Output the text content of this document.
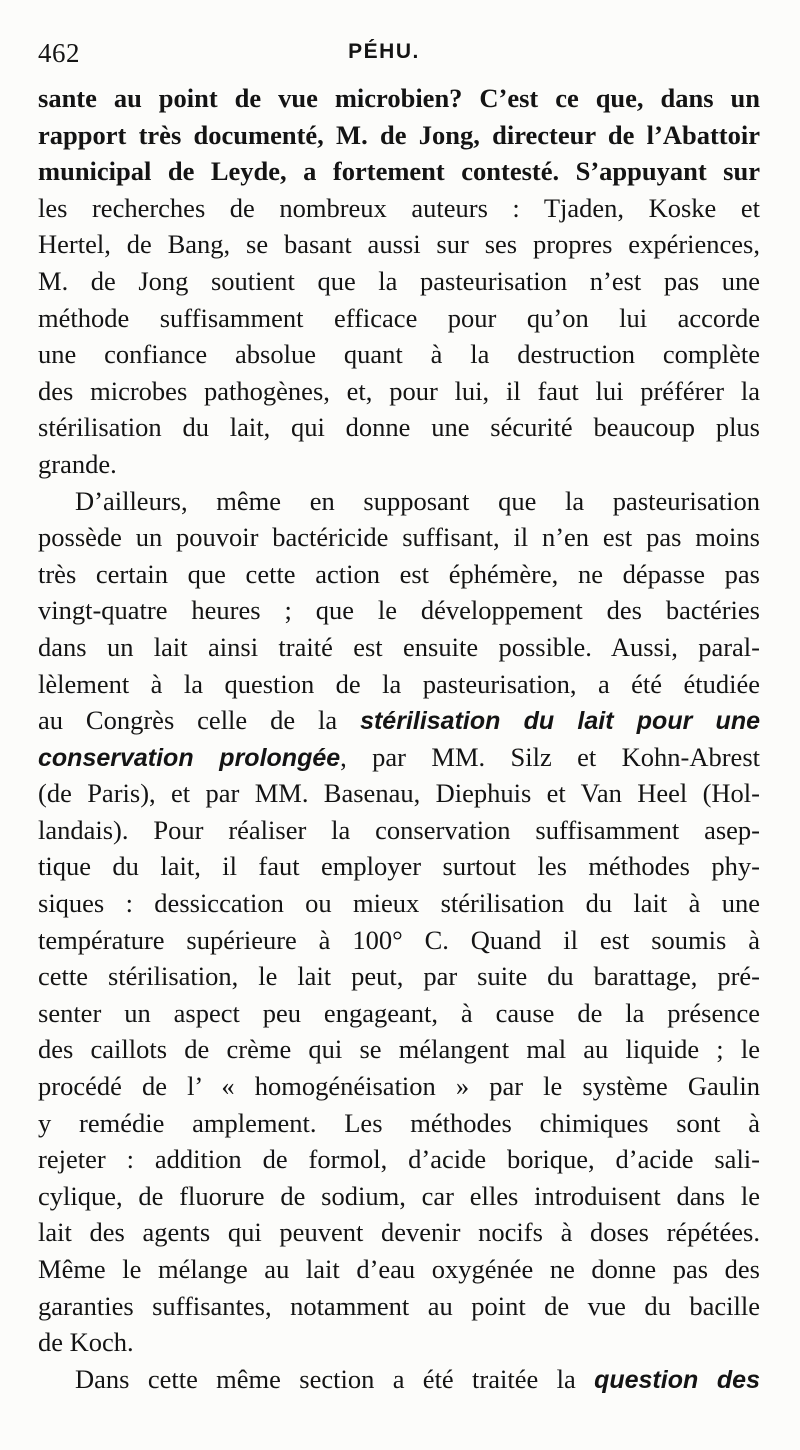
462	PÉHU.
sante au point de vue microbien? C’est ce que, dans un
rapport très documenté, M. de Jong, directeur de l’Abattoir
municipal de Leyde, a fortement contesté. S’appuyant sur
les recherches de nombreux auteurs : Tjaden, Koske et
Hertel, de Bang, se basant aussi sur ses propres expériences,
M. de Jong soutient que la pasteurisation n’est pas une
méthode suffisamment efficace pour qu’on lui accorde
une confiance absolue quant à la destruction complète
des microbes pathogènes, et, pour lui, il faut lui préférer la
stérilisation du lait, qui donne une sécurité beaucoup plus
grande.
D’ailleurs, même en supposant que la pasteurisation
possède un pouvoir bactéricide suffisant, il n’en est pas moins
très certain que cette action est éphémère, ne dépasse pas
vingt-quatre heures ; que le développement des bactéries
dans un lait ainsi traité est ensuite possible. Aussi, paral-
lèlement à la question de la pasteurisation, a été étudiée
au Congrès celle de la stérilisation du lait pour une
conservation prolongée, par MM. Silz et Kohn-Abrest
(de Paris), et par MM. Basenau, Diephuis et Van Heel (Hol-
landais). Pour réaliser la conservation suffisamment asep-
tique du lait, il faut employer surtout les méthodes phy-
siques : dessiccation ou mieux stérilisation du lait à une
température supérieure à 100° C. Quand il est soumis à
cette stérilisation, le lait peut, par suite du barattage, pré-
senter un aspect peu engageant, à cause de la présence
des caillots de crème qui se mélangent mal au liquide ; le
procédé de l’ « homogénéisation » par le système Gaulin
y remédie amplement. Les méthodes chimiques sont à
rejeter : addition de formol, d’acide borique, d’acide sali-
cylique, de fluorure de sodium, car elles introduisent dans le
lait des agents qui peuvent devenir nocifs à doses répétées.
Même le mélange au lait d’eau oxygénée ne donne pas des
garanties suffisantes, notamment au point de vue du bacille
de Koch.
Dans cette même section a été traitée la question des
